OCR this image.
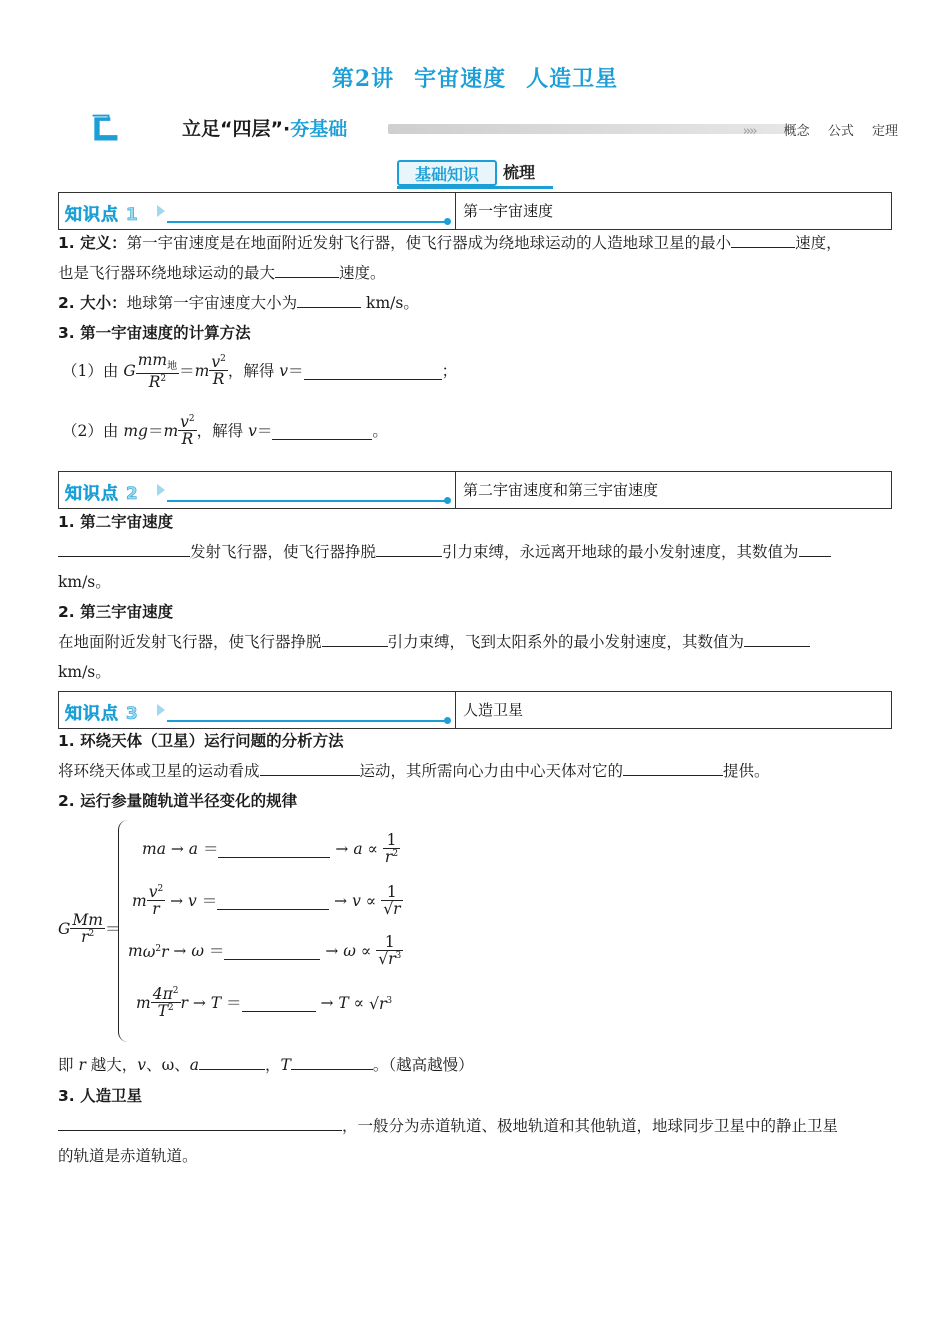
第2讲 宇宙速度 人造卫星
立足“四层”·夯基础	›››› 概念 公式 定理
基础知识	梳理
知识点 1	第一宇宙速度
1. 定义：第一宇宙速度是在地面附近发射飞行器，使飞行器成为绕地球运动的人造地球卫星的最小	速度，
也是飞行器环绕地球运动的最大	速度。
2. 大小：地球第一宇宙速度大小为	km/s。
3. 第一宇宙速度的计算方法
（1）由 G $\frac{mm_地}{R^2} =m \frac{v^2}{R}$ ，解得 v＝	；
（2）由 $mg=m \frac{v^2}{R}$ ，解得 v＝	。
知识点 2	第二宇宙速度和第三宇宙速度
1. 第二宇宙速度
发射飞行器，使飞行器挣脱	引力束缚，永远离开地球的最小发射速度，其数值为
km/s。
2. 第三宇宙速度
在地面附近发射飞行器，使飞行器挣脱	引力束缚，飞到太阳系外的最小发射速度，其数值为
km/s。
知识点 3	人造卫星
1. 环绕天体（卫星）运行问题的分析方法
将环绕天体或卫星的运动看成	运动，其所需向心力由中心天体对它的	提供。
2. 运行参量随轨道半径变化的规律
G $\frac{Mm}{r^2}$ ＝
ma → a ＝	→ $a \propto \frac{1}{r^2}$
m $\frac{v^2}{r} \to v$ ＝	→ $v \propto \frac{1}{√r}$
$m\omega^2r \to \omega$ ＝	→ $\omega \propto \frac{1}{√r^3}$
m $\frac{4\pi^2}{T^2}$ r → T ＝	→ $T \propto √r^3$
即 r 越大，v、ω、a	，T	。（越高越慢）
3. 人造卫星
，一般分为赤道轨道、极地轨道和其他轨道，地球同步卫星中的静止卫星
的轨道是赤道轨道。
